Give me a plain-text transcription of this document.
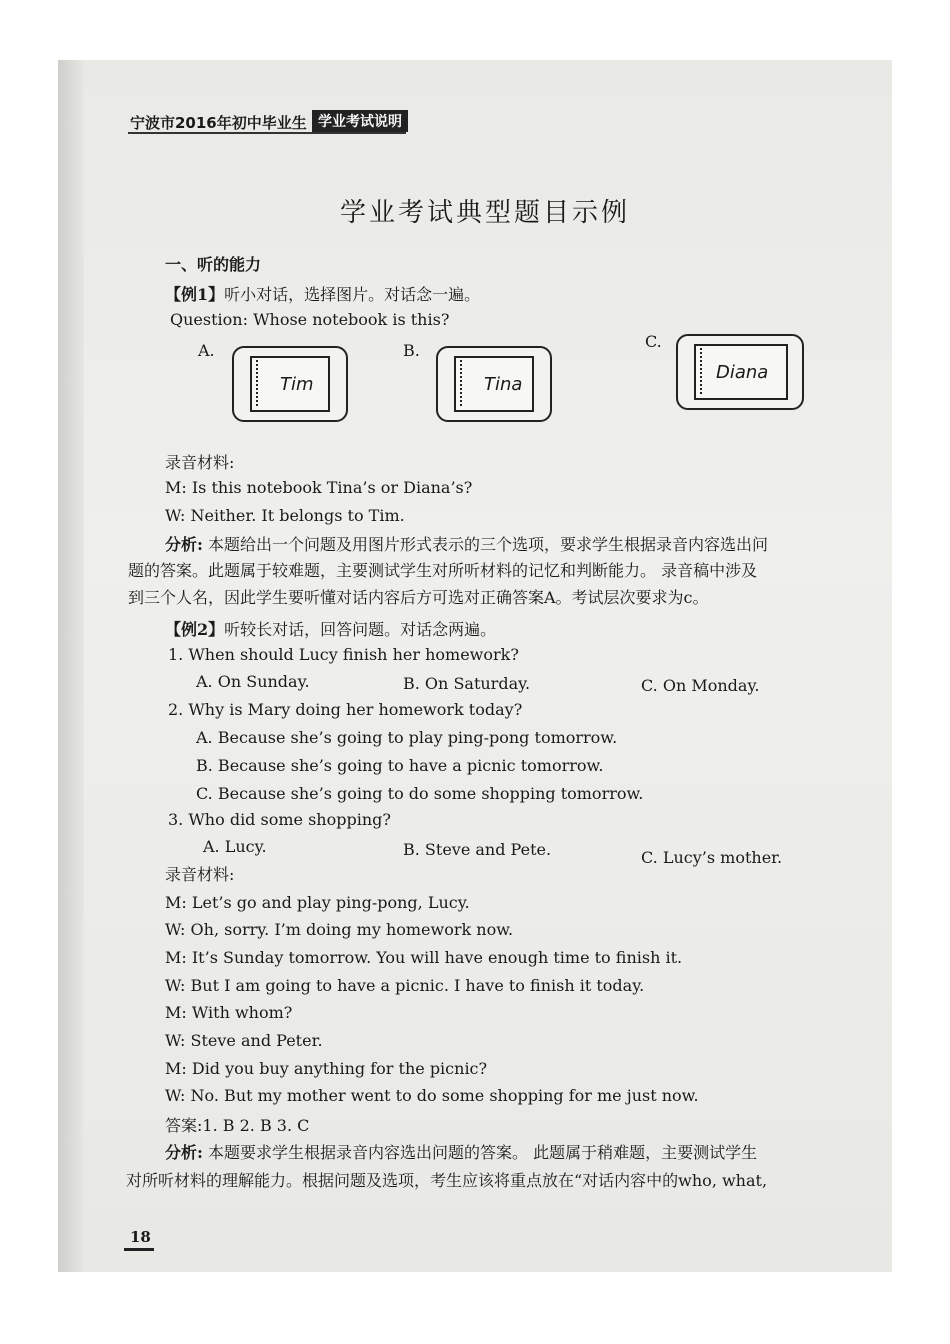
宁波市2016年初中毕业生 学业考试说明
学业考试典型题目示例
一、听的能力
【例1】听小对话，选择图片。对话念一遍。
Question: Whose notebook is this?
A.
Tim
B.
Tina
C.
Diana
录音材料:
M: Is this notebook Tina’s or Diana’s?
W: Neither. It belongs to Tim.
分析: 本题给出一个问题及用图片形式表示的三个选项，要求学生根据录音内容选出问
题的答案。此题属于较难题，主要测试学生对所听材料的记忆和判断能力。 录音稿中涉及
到三个人名，因此学生要听懂对话内容后方可选对正确答案A。考试层次要求为c。
【例2】听较长对话，回答问题。对话念两遍。
1. When should Lucy finish her homework?
A. On Sunday.	B. On Saturday.	C. On Monday.
2. Why is Mary doing her homework today?
A. Because she’s going to play ping-pong tomorrow.
B. Because she’s going to have a picnic tomorrow.
C. Because she’s going to do some shopping tomorrow.
3. Who did some shopping?
A. Lucy.	B. Steve and Pete.	C. Lucy’s mother.
录音材料:
M: Let’s go and play ping-pong, Lucy.
W: Oh, sorry. I’m doing my homework now.
M: It’s Sunday tomorrow. You will have enough time to finish it.
W: But I am going to have a picnic. I have to finish it today.
M: With whom?
W: Steve and Peter.
M: Did you buy anything for the picnic?
W: No. But my mother went to do some shopping for me just now.
答案:1. B 2. B 3. C
分析: 本题要求学生根据录音内容选出问题的答案。 此题属于稍难题，主要测试学生
对所听材料的理解能力。根据问题及选项，考生应该将重点放在“对话内容中的who, what,
18
